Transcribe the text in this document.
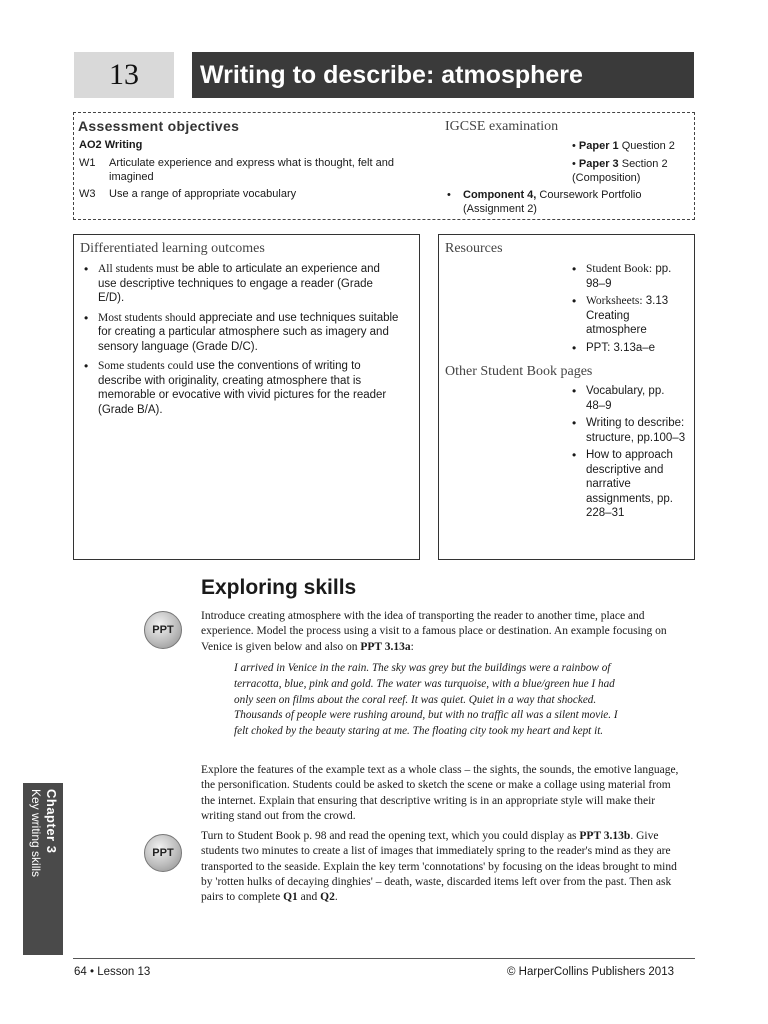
13 Writing to describe: atmosphere
Assessment objectives
AO2 Writing
W1	Articulate experience and express what is thought, felt and imagined
W3	Use a range of appropriate vocabulary
IGCSE examination
• Paper 1 Question 2
• Paper 3 Section 2 (Composition)
• Component 4, Coursework Portfolio (Assignment 2)
Differentiated learning outcomes
• All students must be able to articulate an experience and use descriptive techniques to engage a reader (Grade E/D).
• Most students should appreciate and use techniques suitable for creating a particular atmosphere such as imagery and sensory language (Grade D/C).
• Some students could use the conventions of writing to describe with originality, creating atmosphere that is memorable or evocative with vivid pictures for the reader (Grade B/A).
Resources
• Student Book: pp. 98–9
• Worksheets: 3.13 Creating atmosphere
• PPT: 3.13a–e
Other Student Book pages
• Vocabulary, pp. 48–9
• Writing to describe: structure, pp.100–3
• How to approach descriptive and narrative assignments, pp. 228–31
Exploring skills
PPT
Introduce creating atmosphere with the idea of transporting the reader to another time, place and experience. Model the process using a visit to a famous place or destination. An example focusing on Venice is given below and also on PPT 3.13a:
I arrived in Venice in the rain. The sky was grey but the buildings were a rainbow of terracotta, blue, pink and gold. The water was turquoise, with a blue/green hue I had only seen on films about the coral reef. It was quiet. Quiet in a way that shocked. Thousands of people were rushing around, but with no traffic all was a silent movie. I felt choked by the beauty staring at me. The floating city took my heart and kept it.
Explore the features of the example text as a whole class – the sights, the sounds, the emotive language, the personification. Students could be asked to sketch the scene or make a collage using material from the internet. Explain that ensuring that descriptive writing is in an appropriate style will make their writing stand out from the crowd.
PPT
Turn to Student Book p. 98 and read the opening text, which you could display as PPT 3.13b. Give students two minutes to create a list of images that immediately spring to the reader's mind as they are transported to the seaside. Explain the key term 'connotations' by focusing on the ideas brought to mind by 'rotten hulks of decaying dinghies' – death, waste, discarded items left over from the past. Then ask pairs to complete Q1 and Q2.
Chapter 3
Key writing skills
64 • Lesson 13	© HarperCollins Publishers 2013
